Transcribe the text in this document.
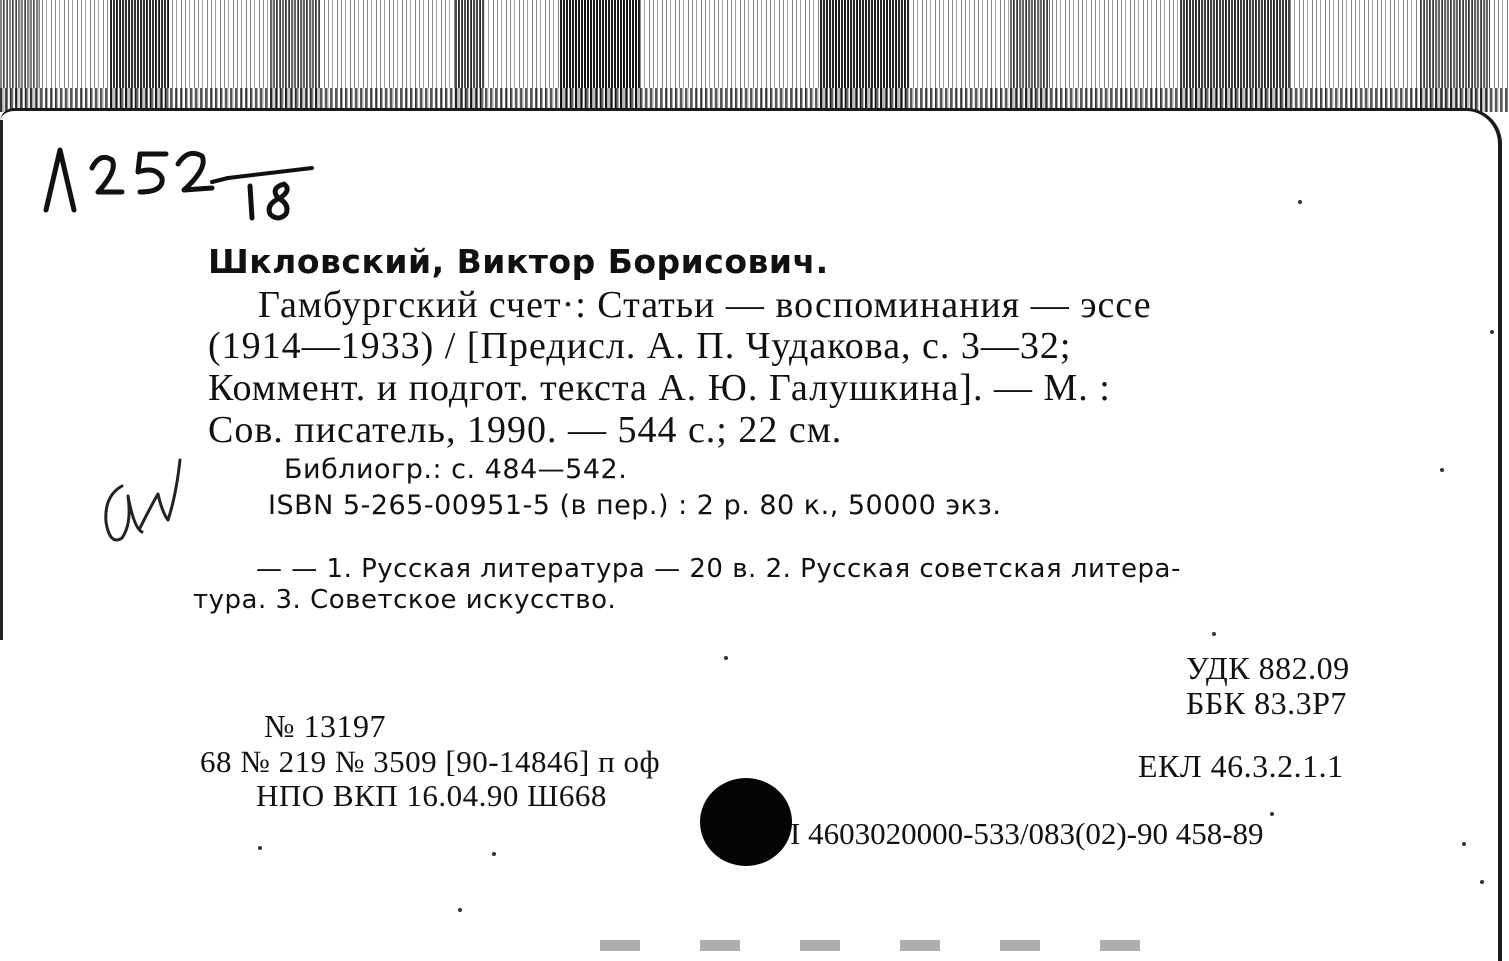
Шкловский, Виктор Борисович.
Гамбургский счет·: Статьи — воспоминания — эссе
(1914—1933) / [Предисл. А. П. Чудакова, с. 3—32;
Коммент. и подгот. текста А. Ю. Галушкина]. — М. :
Сов. писатель, 1990. — 544 с.; 22 см.
Библиогр.: с. 484—542.
ISBN 5-265-00951-5 (в пер.) : 2 р. 80 к., 50000 экз.
— — 1. Русская литература — 20 в. 2. Русская советская литера-
тура. 3. Советское искусство.
УДК 882.09
ББК 83.3Р7
ЕКЛ 46.3.2.1.1
I 4603020000-533/083(02)-90 458-89
№ 13197
68 № 219 № 3509 [90-14846] п оф
НПО ВКП 16.04.90 Ш668
